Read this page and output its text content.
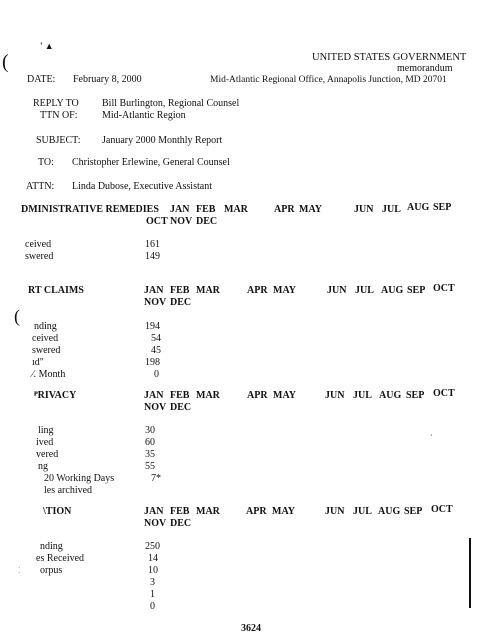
' ▲
(
(
·
⁚
UNITED STATES GOVERNMENT
memorandum
DATE: February 8, 2000	Mid-Atlantic Regional Office, Annapolis Junction, MD 20701
REPLY TO Bill Burlington, Regional Counsel
TTN OF: Mid-Atlantic Region
SUBJECT: January 2000 Monthly Report
TO: Christopher Erlewine, General Counsel
ATTN: Linda Dubose, Executive Assistant
DMINISTRATIVE REMEDIES JAN FEB MAR	APR MAY	JUN JUL AUG SEP
OCT NOV DEC
ceived	161
swered	149
RT CLAIMS	JAN FEB MAR	APR MAY	JUN JUL AUG SEP OCT
NOV DEC
nding	194
ceived	54
swered	45
ıd"	198
⁄. Month	0
ᴾRIVACY	JAN FEB MAR	APR MAY	JUN JUL AUG SEP OCT
NOV DEC
ling	30
ived	60
vered	35
ng	55
20 Working Days	7*
les archived
\TION	JAN FEB MAR	APR MAY	JUN JUL AUG SEP OCT
NOV DEC
nding	250
es Received	14
orpus	10
3
1
0
3624
